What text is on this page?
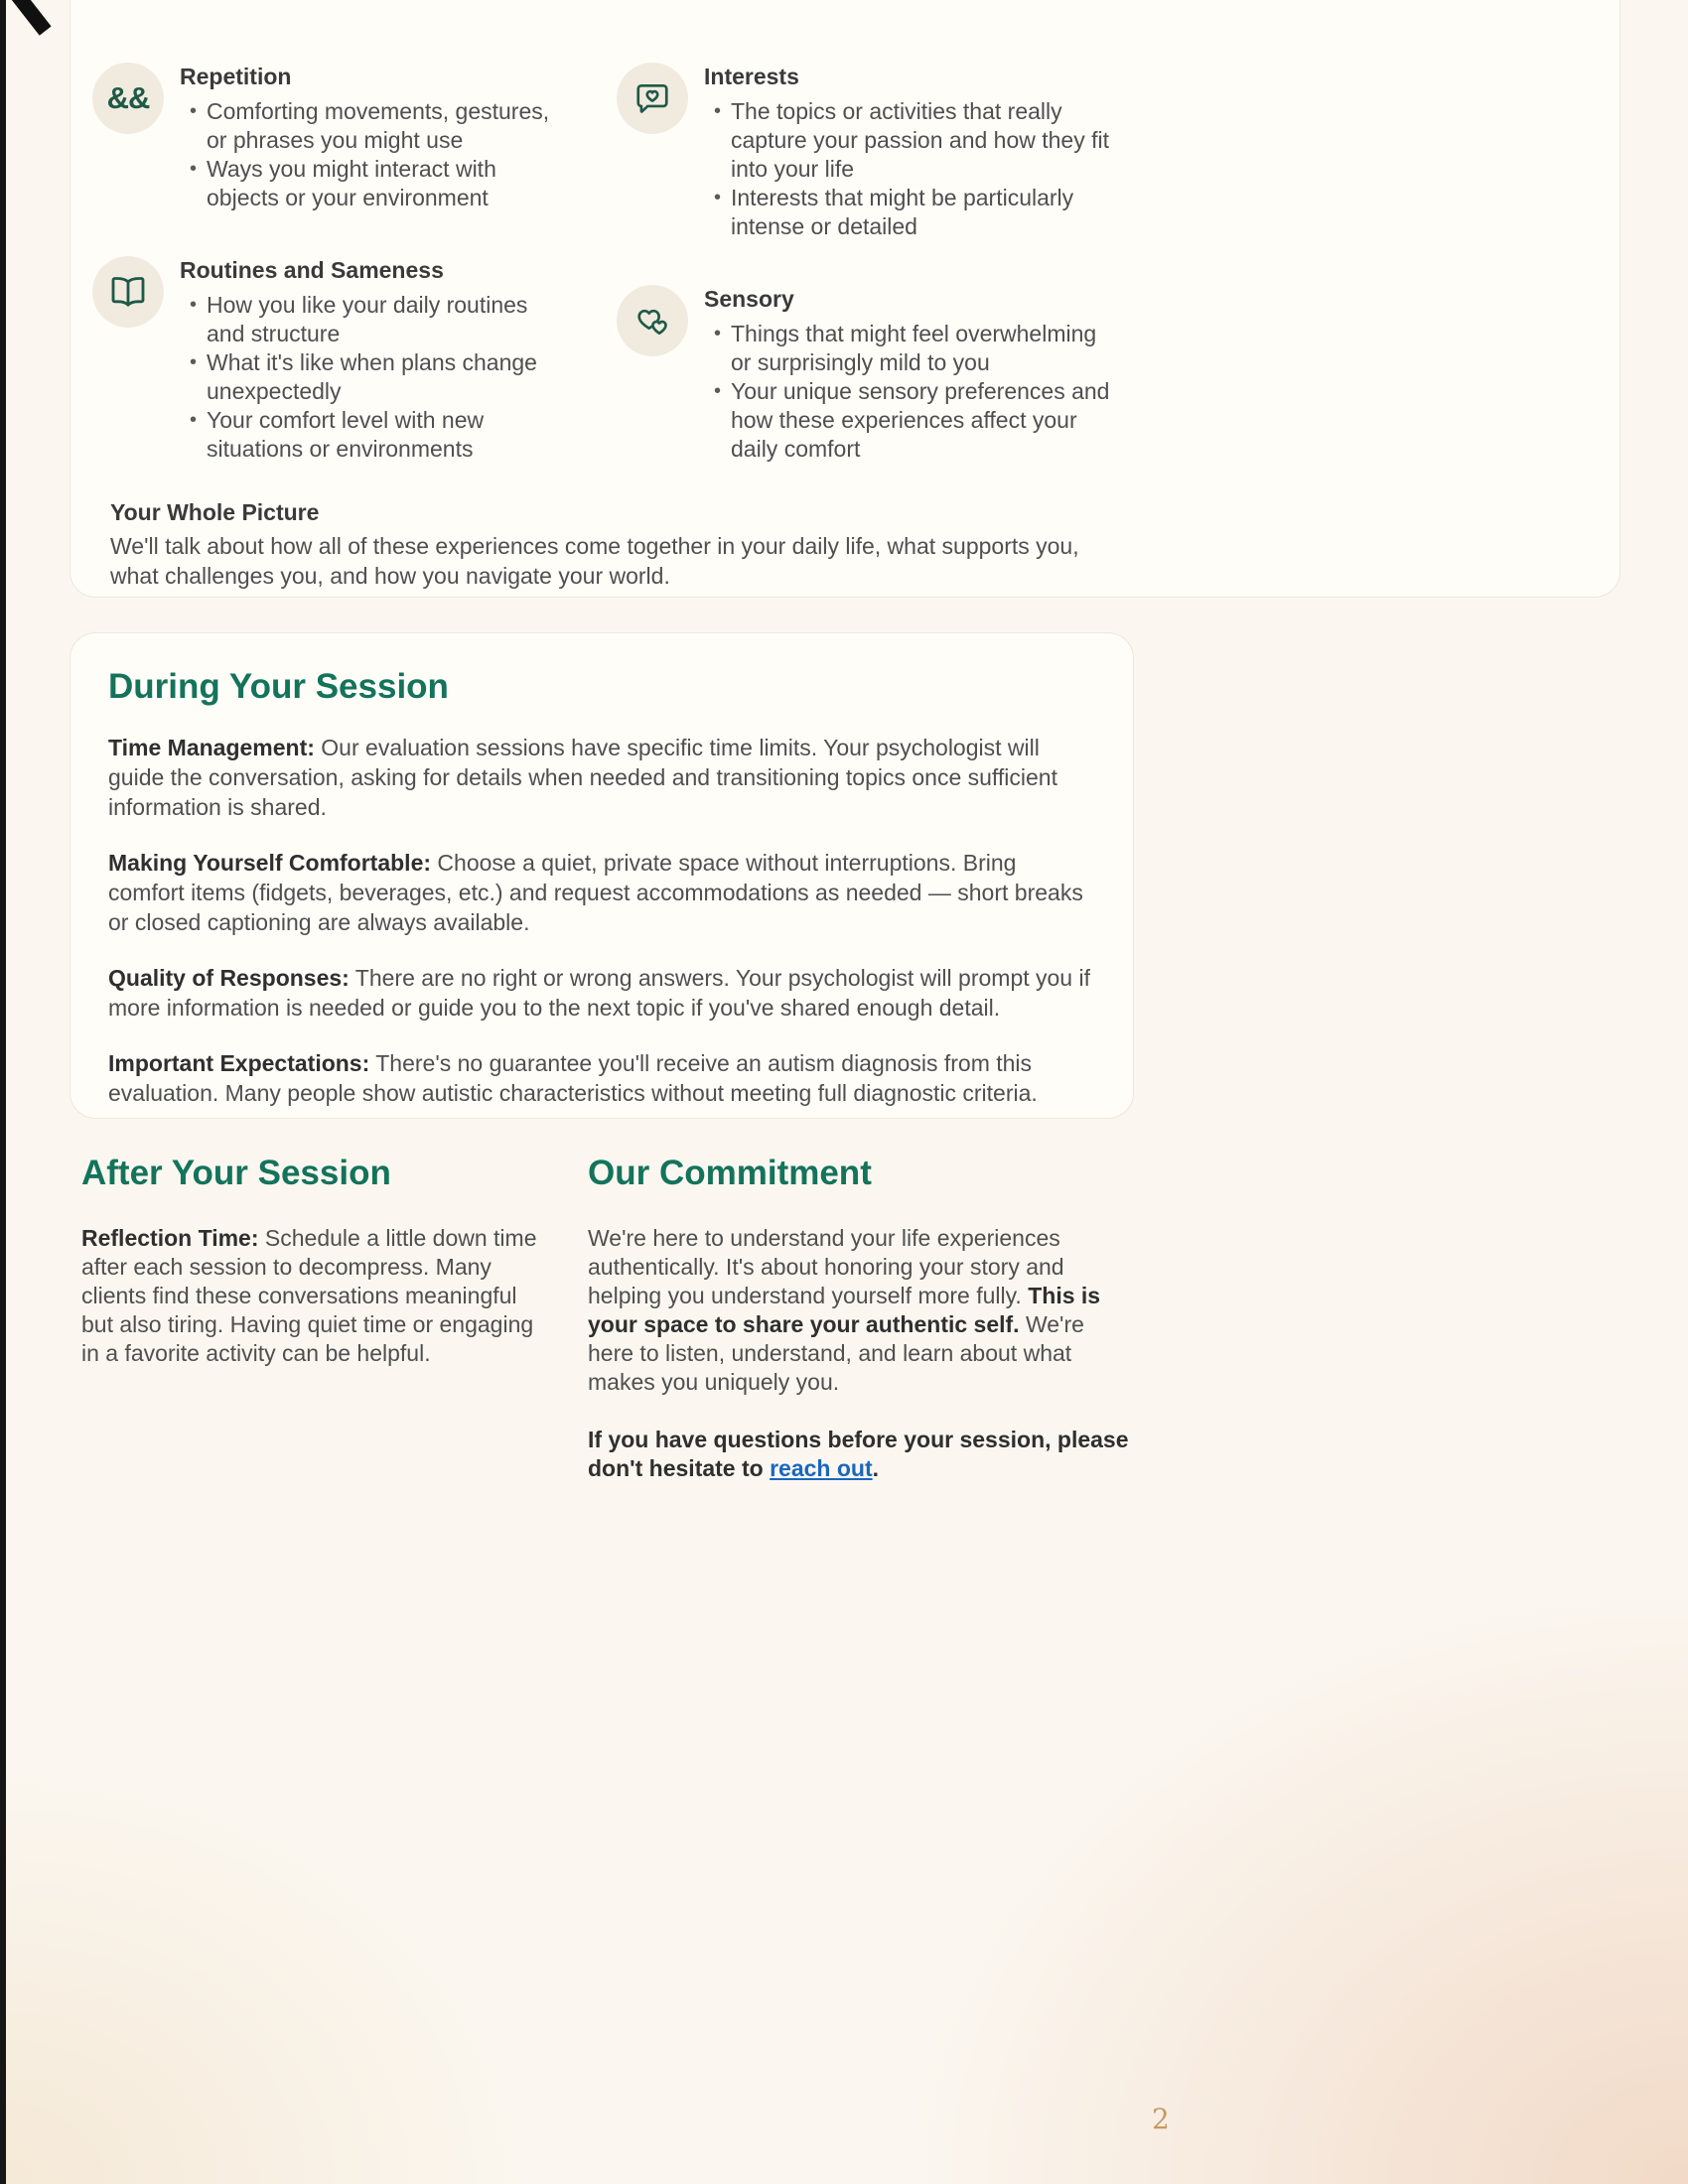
&&
Repetition
• Comforting movements, gestures, or phrases you might use
• Ways you might interact with objects or your environment
Routines and Sameness
• How you like your daily routines and structure
• What it's like when plans change unexpectedly
• Your comfort level with new situations or environments
Interests
• The topics or activities that really capture your passion and how they fit into your life
• Interests that might be particularly intense or detailed
Sensory
• Things that might feel overwhelming or surprisingly mild to you
• Your unique sensory preferences and how these experiences affect your daily comfort
Your Whole Picture
We'll talk about how all of these experiences come together in your daily life, what supports you, what challenges you, and how you navigate your world.
During Your Session

Time Management: Our evaluation sessions have specific time limits. Your psychologist will guide the conversation, asking for details when needed and transitioning topics once sufficient information is shared.

Making Yourself Comfortable: Choose a quiet, private space without interruptions. Bring comfort items (fidgets, beverages, etc.) and request accommodations as needed — short breaks or closed captioning are always available.

Quality of Responses: There are no right or wrong answers. Your psychologist will prompt you if more information is needed or guide you to the next topic if you've shared enough detail.

Important Expectations: There's no guarantee you'll receive an autism diagnosis from this evaluation. Many people show autistic characteristics without meeting full diagnostic criteria.

After Your Session

Reflection Time: Schedule a little down time after each session to decompress. Many clients find these conversations meaningful but also tiring. Having quiet time or engaging in a favorite activity can be helpful.

Our Commitment

We're here to understand your life experiences authentically. It's about honoring your story and helping you understand yourself more fully. This is your space to share your authentic self. We're here to listen, understand, and learn about what makes you uniquely you.

If you have questions before your session, please don't hesitate to reach out.

2
